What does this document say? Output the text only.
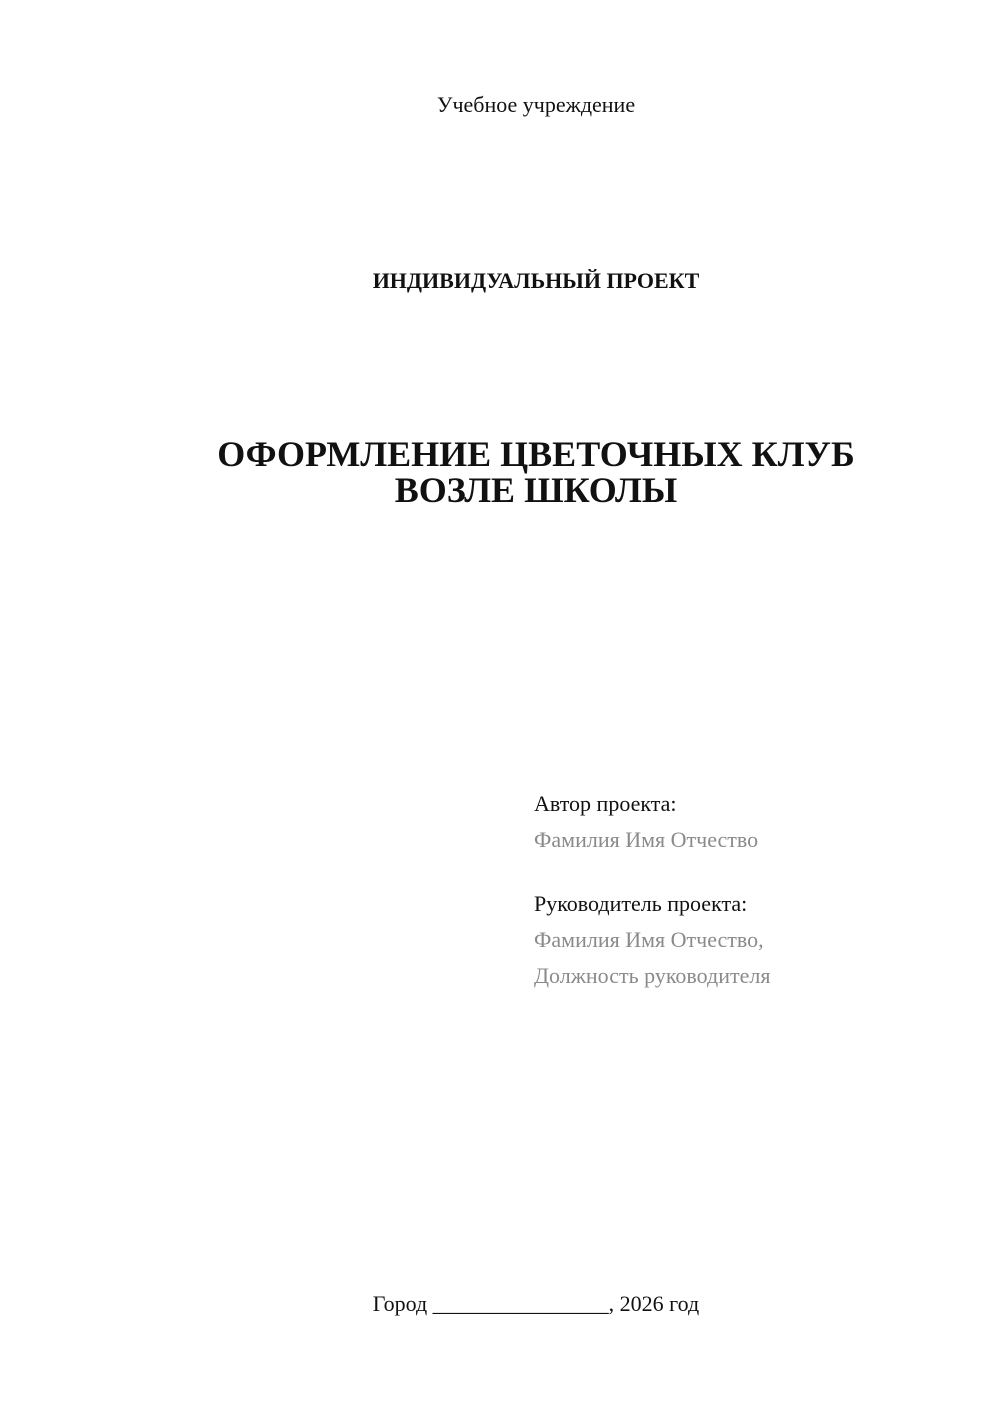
Учебное учреждение
ИНДИВИДУАЛЬНЫЙ ПРОЕКТ
ОФОРМЛЕНИЕ ЦВЕТОЧНЫХ КЛУБ
ВОЗЛЕ ШКОЛЫ
Автор проекта:
Фамилия Имя Отчество
Руководитель проекта:
Фамилия Имя Отчество,
Должность руководителя
Город ________________, 2026 год
